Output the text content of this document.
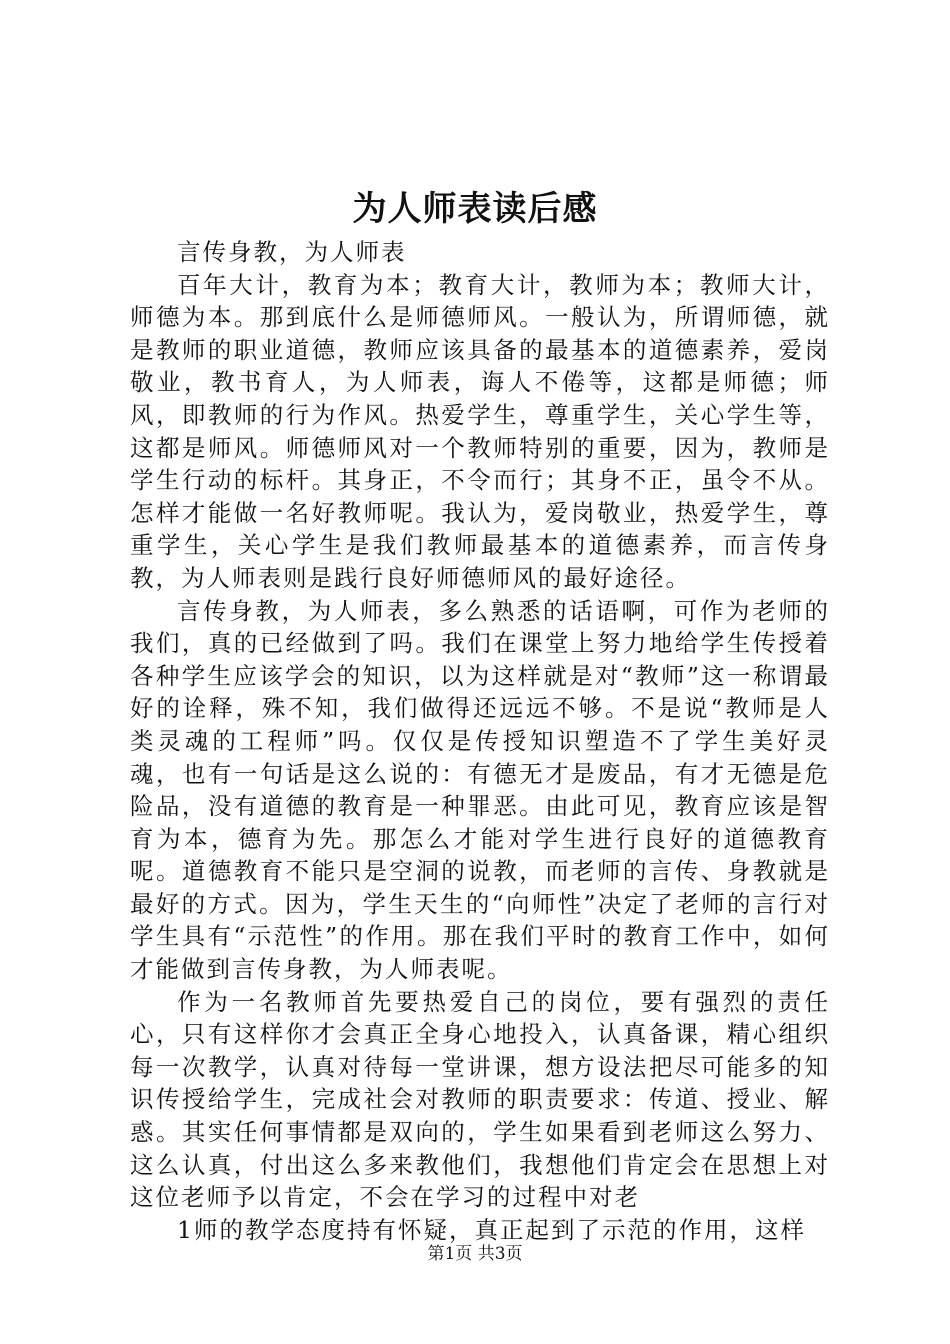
为人师表读后感

言传身教，为人师表

百年大计，教育为本；教育大计，教师为本；教师大计，师德为本。那到底什么是师德师风。一般认为，所谓师德，就是教师的职业道德，教师应该具备的最基本的道德素养，爱岗敬业，教书育人，为人师表，诲人不倦等，这都是师德；师风，即教师的行为作风。热爱学生，尊重学生，关心学生等，这都是师风。师德师风对一个教师特别的重要，因为，教师是学生行动的标杆。其身正，不令而行；其身不正，虽令不从。怎样才能做一名好教师呢。我认为，爱岗敬业，热爱学生，尊重学生，关心学生是我们教师最基本的道德素养，而言传身教，为人师表则是践行良好师德师风的最好途径。

言传身教，为人师表，多么熟悉的话语啊，可作为老师的我们，真的已经做到了吗。我们在课堂上努力地给学生传授着各种学生应该学会的知识，以为这样就是对“教师”这一称谓最好的诠释，殊不知，我们做得还远远不够。不是说“教师是人类灵魂的工程师”吗。仅仅是传授知识塑造不了学生美好灵魂，也有一句话是这么说的：有德无才是废品，有才无德是危险品，没有道德的教育是一种罪恶。由此可见，教育应该是智育为本，德育为先。那怎么才能对学生进行良好的道德教育呢。道德教育不能只是空洞的说教，而老师的言传、身教就是最好的方式。因为，学生天生的“向师性”决定了老师的言行对学生具有“示范性”的作用。那在我们平时的教育工作中，如何才能做到言传身教，为人师表呢。

作为一名教师首先要热爱自己的岗位，要有强烈的责任心，只有这样你才会真正全身心地投入，认真备课，精心组织每一次教学，认真对待每一堂讲课，想方设法把尽可能多的知识传授给学生，完成社会对教师的职责要求：传道、授业、解惑。其实任何事情都是双向的，学生如果看到老师这么努力、这么认真，付出这么多来教他们，我想他们肯定会在思想上对这位老师予以肯定，不会在学习的过程中对老

1师的教学态度持有怀疑，真正起到了示范的作用，这样

第1页 共3页
